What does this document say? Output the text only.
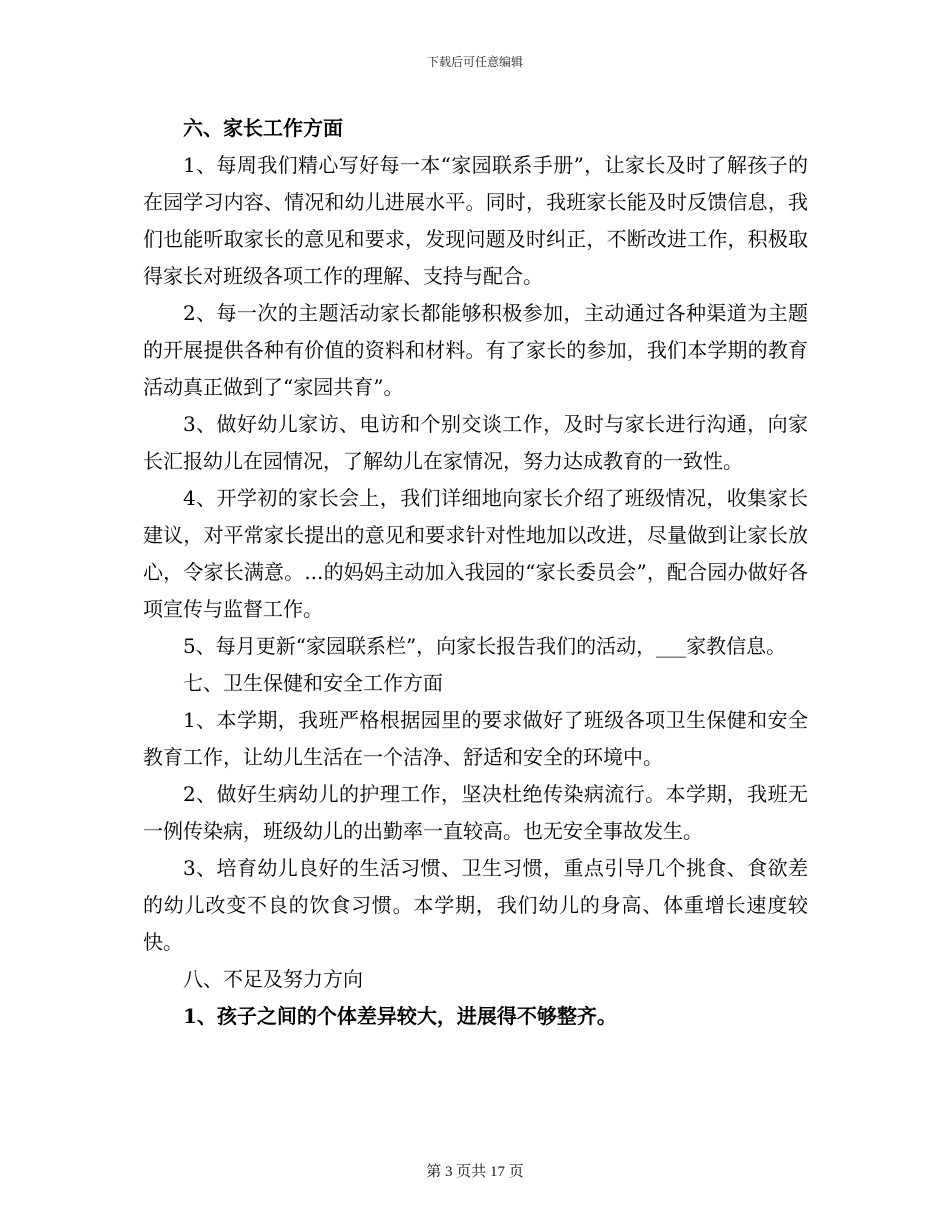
下载后可任意编辑

六、家长工作方面

1、每周我们精心写好每一本“家园联系手册”，让家长及时了解孩子的在园学习内容、情况和幼儿进展水平。同时，我班家长能及时反馈信息，我们也能听取家长的意见和要求，发现问题及时纠正，不断改进工作，积极取得家长对班级各项工作的理解、支持与配合。

2、每一次的主题活动家长都能够积极参加，主动通过各种渠道为主题的开展提供各种有价值的资料和材料。有了家长的参加，我们本学期的教育活动真正做到了“家园共育”。

3、做好幼儿家访、电访和个别交谈工作，及时与家长进行沟通，向家长汇报幼儿在园情况，了解幼儿在家情况，努力达成教育的一致性。

4、开学初的家长会上，我们详细地向家长介绍了班级情况，收集家长建议，对平常家长提出的意见和要求针对性地加以改进，尽量做到让家长放心，令家长满意。...的妈妈主动加入我园的“家长委员会”，配合园办做好各项宣传与监督工作。

5、每月更新“家园联系栏”，向家长报告我们的活动，___家教信息。

七、卫生保健和安全工作方面

1、本学期，我班严格根据园里的要求做好了班级各项卫生保健和安全教育工作，让幼儿生活在一个洁净、舒适和安全的环境中。

2、做好生病幼儿的护理工作，坚决杜绝传染病流行。本学期，我班无一例传染病，班级幼儿的出勤率一直较高。也无安全事故发生。

3、培育幼儿良好的生活习惯、卫生习惯，重点引导几个挑食、食欲差的幼儿改变不良的饮食习惯。本学期，我们幼儿的身高、体重增长速度较快。

八、不足及努力方向

1、孩子之间的个体差异较大，进展得不够整齐。

第 3 页共 17 页
